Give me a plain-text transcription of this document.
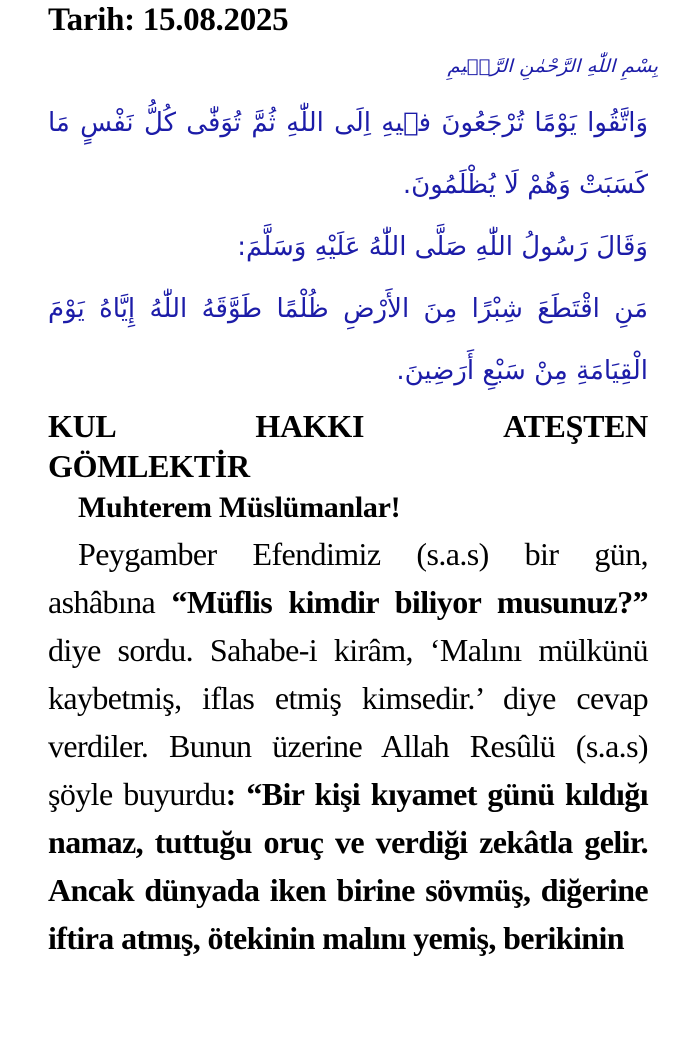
Tarih: 15.08.2025
بِسْمِ اللّٰهِ الرَّحْمٰنِ الرَّح۪يمِ

وَاتَّقُوا يَوْمًا تُرْجَعُونَ ف۪يهِ اِلَى اللّٰهِ ثُمَّ تُوَفّٰى كُلُّ نَفْسٍ مَا كَسَبَتْ وَهُمْ لَا يُظْلَمُونَ.

وَقَالَ رَسُولُ اللّٰهِ صَلَّى اللّٰهُ عَلَيْهِ وَسَلَّمَ:

مَنِ اقْتَطَعَ شِبْرًا مِنَ الأَرْضِ ظُلْمًا طَوَّقَهُ اللّٰهُ إِيَّاهُ يَوْمَ الْقِيَامَةِ مِنْ سَبْعِ أَرَضِينَ.

KUL	HAKKI	ATEŞTEN
GÖMLEKTİR
Muhterem Müslümanlar!

Peygamber Efendimiz (s.a.s) bir gün, ashâbına “Müflis kimdir biliyor musunuz?” diye sordu. Sahabe-i kirâm, ‘Malını mülkünü kaybetmiş, iflas etmiş kimsedir.’ diye cevap verdiler. Bunun üzerine Allah Resûlü (s.a.s) şöyle buyurdu: “Bir kişi kıyamet günü kıldığı namaz, tuttuğu oruç ve verdiği zekâtla gelir. Ancak dünyada iken birine sövmüş, diğerine iftira atmış, ötekinin malını yemiş, berikinin
